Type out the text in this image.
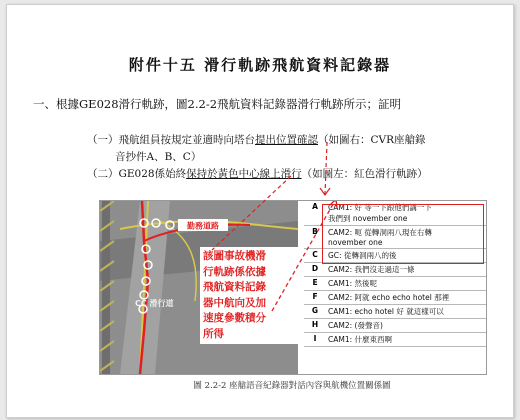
附件十五 滑行軌跡飛航資料記錄器
一、根據GE028滑行軌跡，圖2.2-2飛航資料記錄器滑行軌跡所示；証明
（一）飛航組員按規定並適時向塔台提出位置確認（如圖右：CVR座艙錄
音抄件A、B、C）
（二）GE028係始終保持於黃色中心線上滑行（如圖左：紅色滑行軌跡）
勤務道路
CC 滑行道
該圖事故機滑
行軌跡係依據
飛航資料記錄
器中航向及加
速度參數積分
所得
A	CAM1: 好 等一下跟他們講一下
我們到 november one

B	CAM2: 呃 從轉洞兩八現在右轉
november one

C	GC: 從轉洞兩八的後

D	CAM2: 我們沒走過這一條
E	CAM1: 然後呢
F	CAM2: 阿就 echo echo hotel 那裡
G	CAM1: echo hotel 好 就這樣可以
H	CAM2: (發聲音)
I	CAM1: 什麼東西啊
圖 2.2-2 座艙語音紀錄器對話內容與航機位置關係圖
